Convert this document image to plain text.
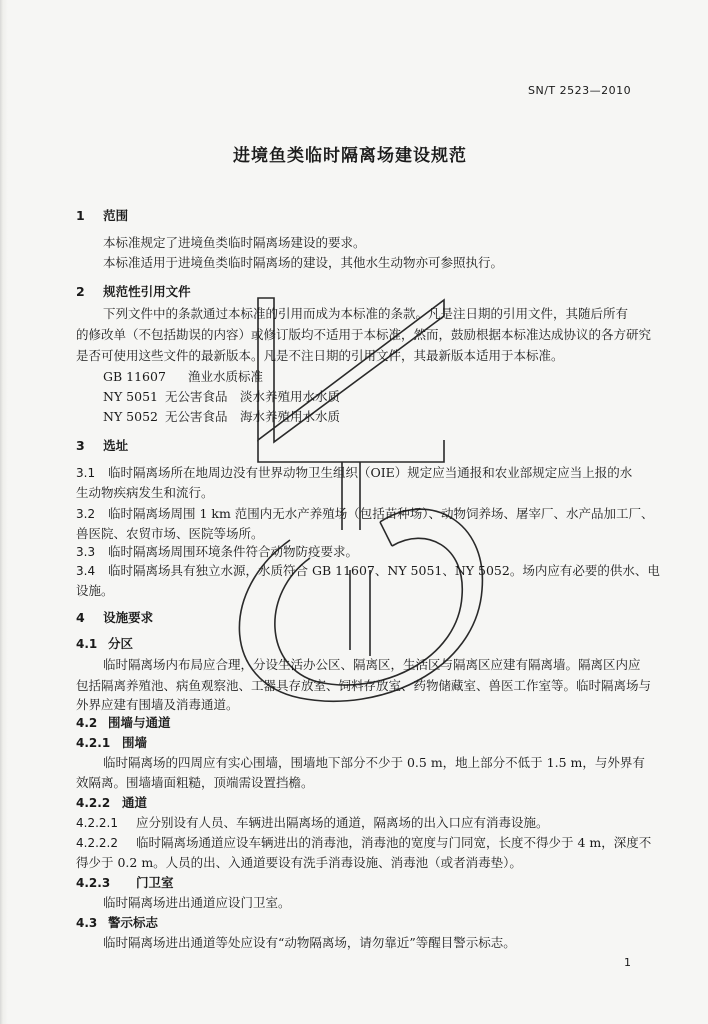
SN/T 2523—2010
进境鱼类临时隔离场建设规范
1 范围
本标准规定了进境鱼类临时隔离场建设的要求。
本标准适用于进境鱼类临时隔离场的建设，其他水生动物亦可参照执行。
2 规范性引用文件
下列文件中的条款通过本标准的引用而成为本标准的条款。凡是注日期的引用文件，其随后所有
的修改单（不包括勘误的内容）或修订版均不适用于本标准，然而，鼓励根据本标准达成协议的各方研究
是否可使用这些文件的最新版本。凡是不注日期的引用文件，其最新版本适用于本标准。
GB 11607 渔业水质标准
NY 5051 无公害食品　淡水养殖用水水质
NY 5052 无公害食品　海水养殖用水水质
3 选址
3.1 临时隔离场所在地周边没有世界动物卫生组织（OIE）规定应当通报和农业部规定应当上报的水
生动物疾病发生和流行。
3.2 临时隔离场周围 1 km 范围内无水产养殖场（包括苗种场）、动物饲养场、屠宰厂、水产品加工厂、
兽医院、农贸市场、医院等场所。
3.3 临时隔离场周围环境条件符合动物防疫要求。
3.4 临时隔离场具有独立水源，水质符合 GB 11607、NY 5051、NY 5052。场内应有必要的供水、电
设施。
4 设施要求
4.1 分区
临时隔离场内布局应合理，分设生活办公区、隔离区，生活区与隔离区应建有隔离墙。隔离区内应
包括隔离养殖池、病鱼观察池、工器具存放室、饲料存放室、药物储藏室、兽医工作室等。临时隔离场与
外界应建有围墙及消毒通道。
4.2 围墙与通道
4.2.1 围墙
临时隔离场的四周应有实心围墙，围墙地下部分不少于 0.5 m，地上部分不低于 1.5 m，与外界有
效隔离。围墙墙面粗糙，顶端需设置挡檐。
4.2.2 通道
4.2.2.1 应分别设有人员、车辆进出隔离场的通道，隔离场的出入口应有消毒设施。
4.2.2.2 临时隔离场通道应设车辆进出的消毒池，消毒池的宽度与门同宽，长度不得少于 4 m，深度不
得少于 0.2 m。人员的出、入通道要设有洗手消毒设施、消毒池（或者消毒垫）。
4.2.3 门卫室
临时隔离场进出通道应设门卫室。
4.3 警示标志
临时隔离场进出通道等处应设有“动物隔离场，请勿靠近”等醒目警示标志。
1
